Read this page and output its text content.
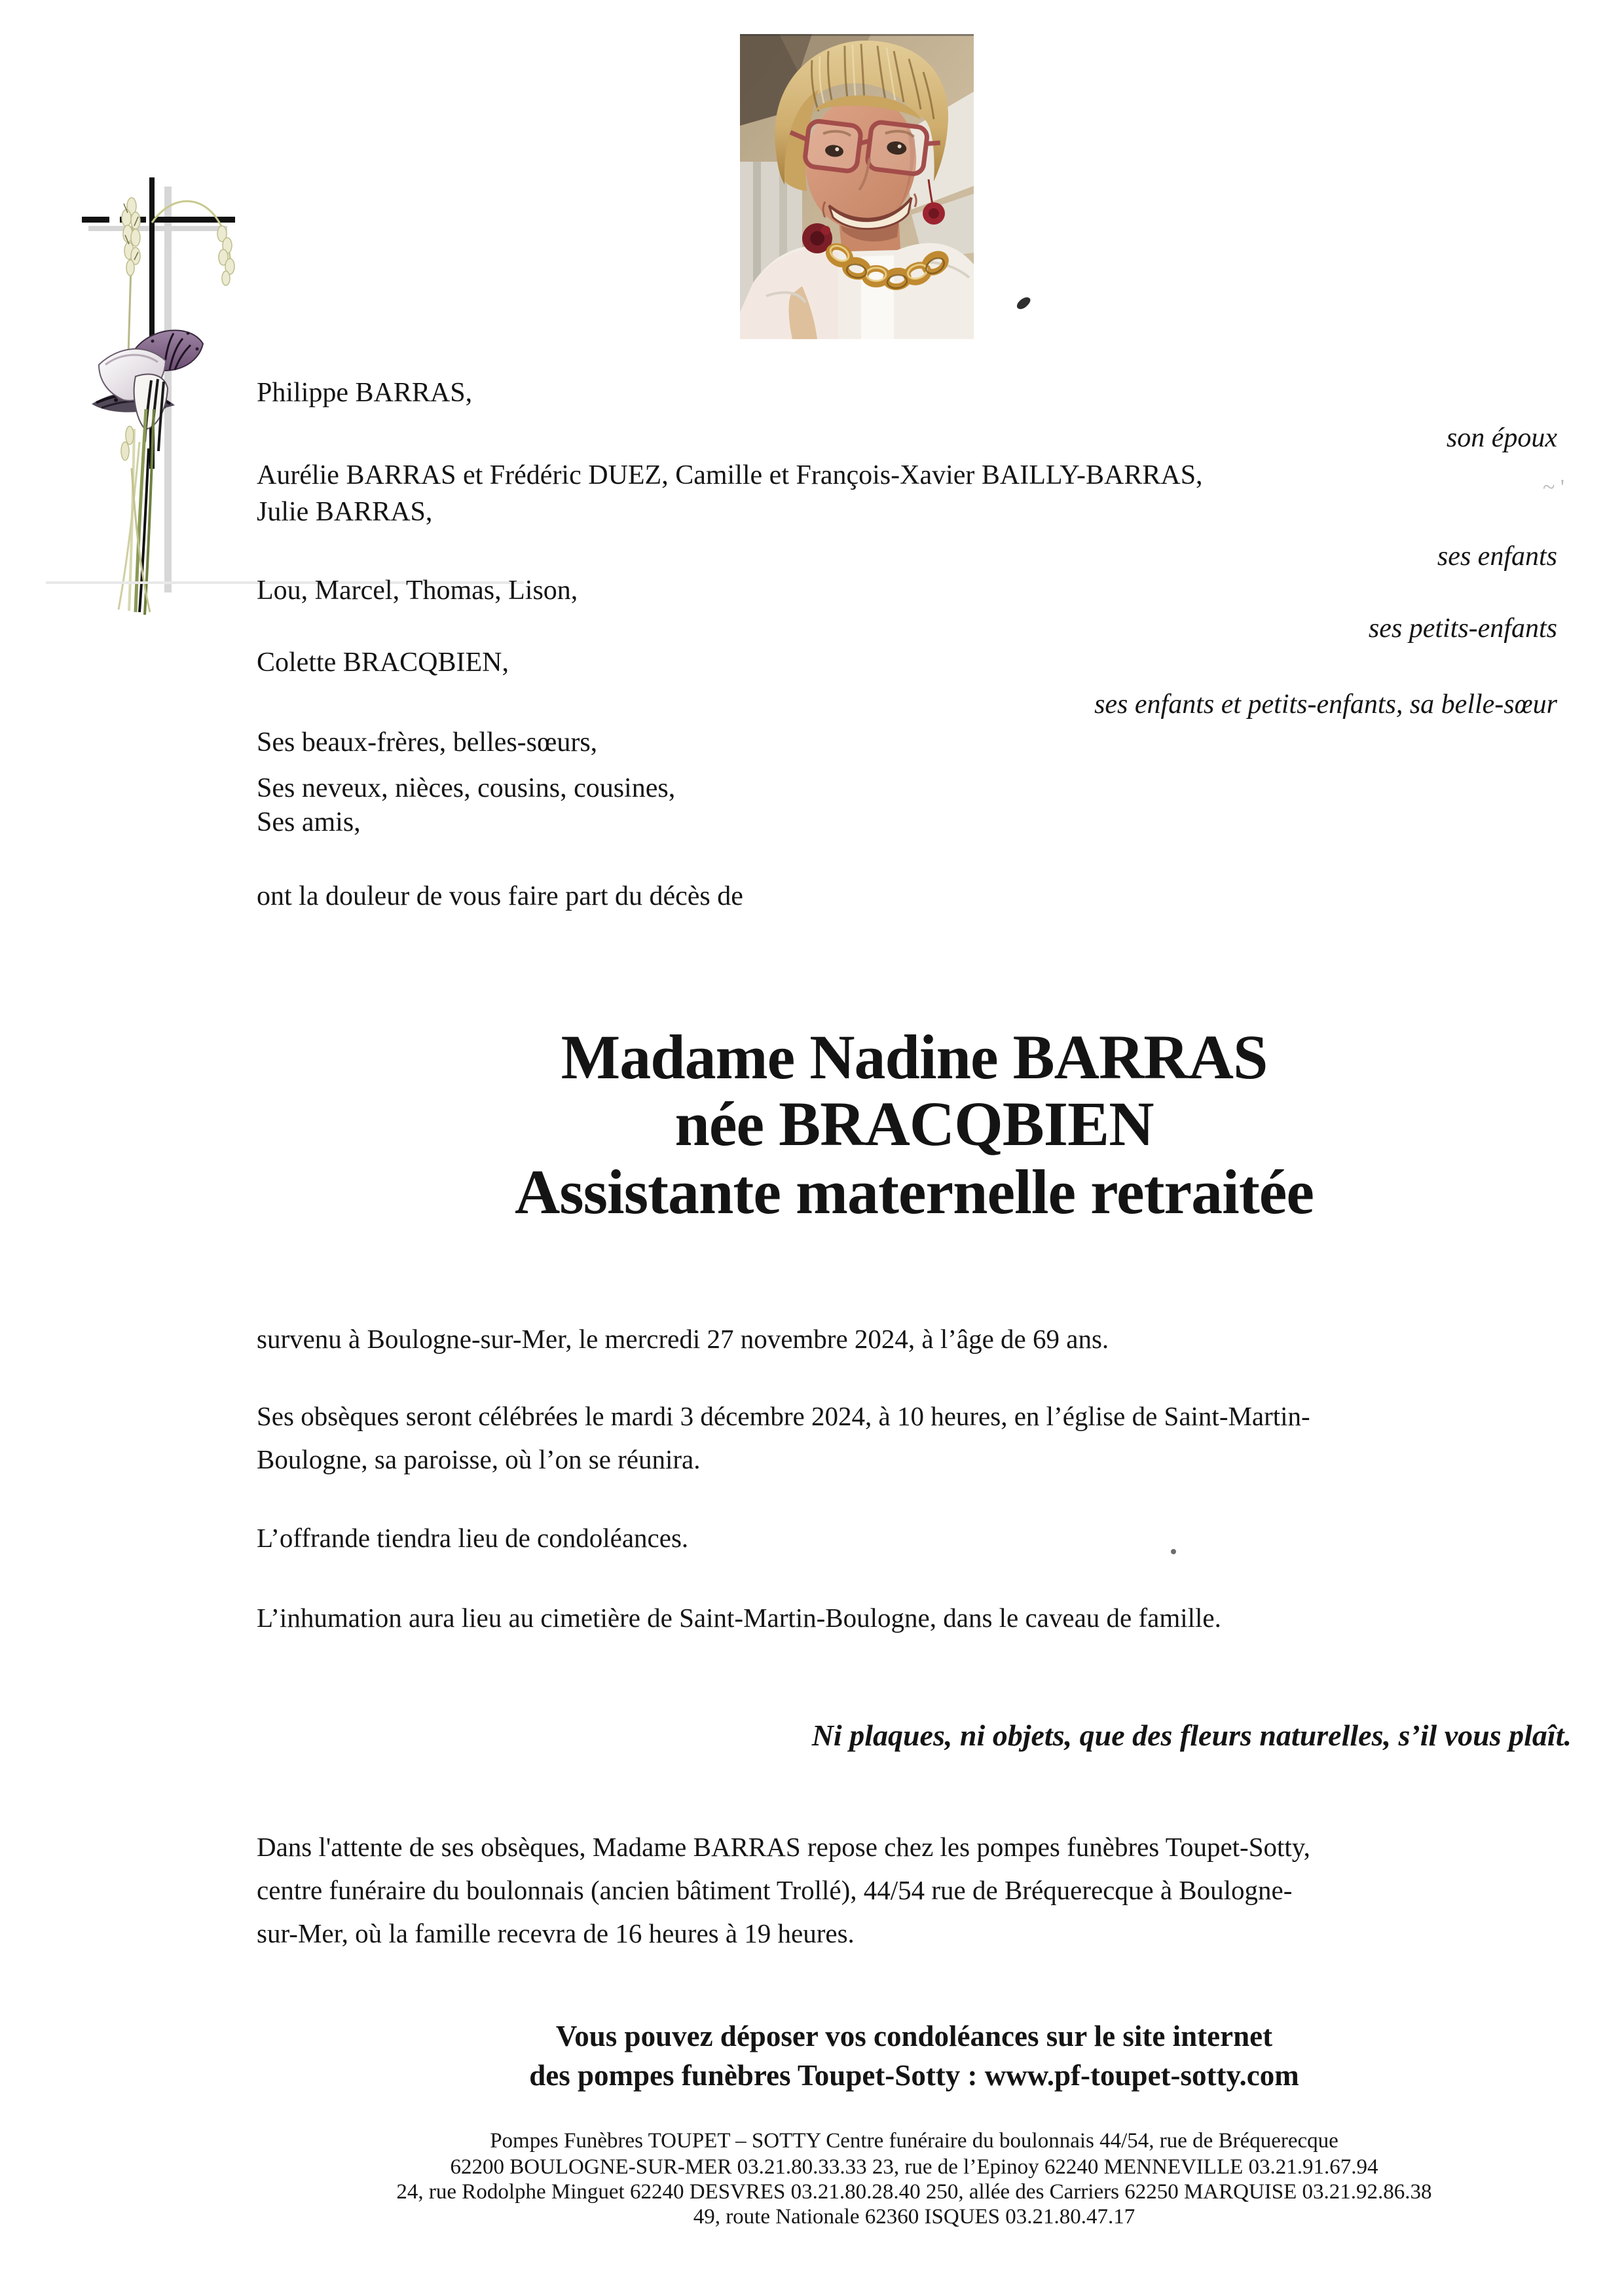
~ '
Philippe BARRAS,
son époux
Aurélie BARRAS et Frédéric DUEZ, Camille et François-Xavier BAILLY-BARRAS,
Julie BARRAS,
ses enfants
Lou, Marcel, Thomas, Lison,
ses petits-enfants
Colette BRACQBIEN,
ses enfants et petits-enfants, sa belle-sœur
Ses beaux-frères, belles-sœurs,
Ses neveux, nièces, cousins, cousines,
Ses amis,
ont la douleur de vous faire part du décès de
Madame Nadine BARRAS
née BRACQBIEN
Assistante maternelle retraitée
survenu à Boulogne-sur-Mer, le mercredi 27 novembre 2024, à l’âge de 69 ans.
Ses obsèques seront célébrées le mardi 3 décembre 2024, à 10 heures, en l’église de Saint-Martin-
Boulogne, sa paroisse, où l’on se réunira.
L’offrande tiendra lieu de condoléances.
L’inhumation aura lieu au cimetière de Saint-Martin-Boulogne, dans le caveau de famille.
Ni plaques, ni objets, que des fleurs naturelles, s’il vous plaît.
Dans l'attente de ses obsèques, Madame BARRAS repose chez les pompes funèbres Toupet-Sotty,
centre funéraire du boulonnais (ancien bâtiment Trollé), 44/54 rue de Bréquerecque à Boulogne-
sur-Mer, où la famille recevra de 16 heures à 19 heures.
Vous pouvez déposer vos condoléances sur le site internet
des pompes funèbres Toupet-Sotty : www.pf-toupet-sotty.com
Pompes Funèbres TOUPET – SOTTY Centre funéraire du boulonnais 44/54, rue de Bréquerecque
62200 BOULOGNE-SUR-MER 03.21.80.33.33 23, rue de l’Epinoy 62240 MENNEVILLE 03.21.91.67.94
24, rue Rodolphe Minguet 62240 DESVRES 03.21.80.28.40 250, allée des Carriers 62250 MARQUISE 03.21.92.86.38
49, route Nationale 62360 ISQUES 03.21.80.47.17
